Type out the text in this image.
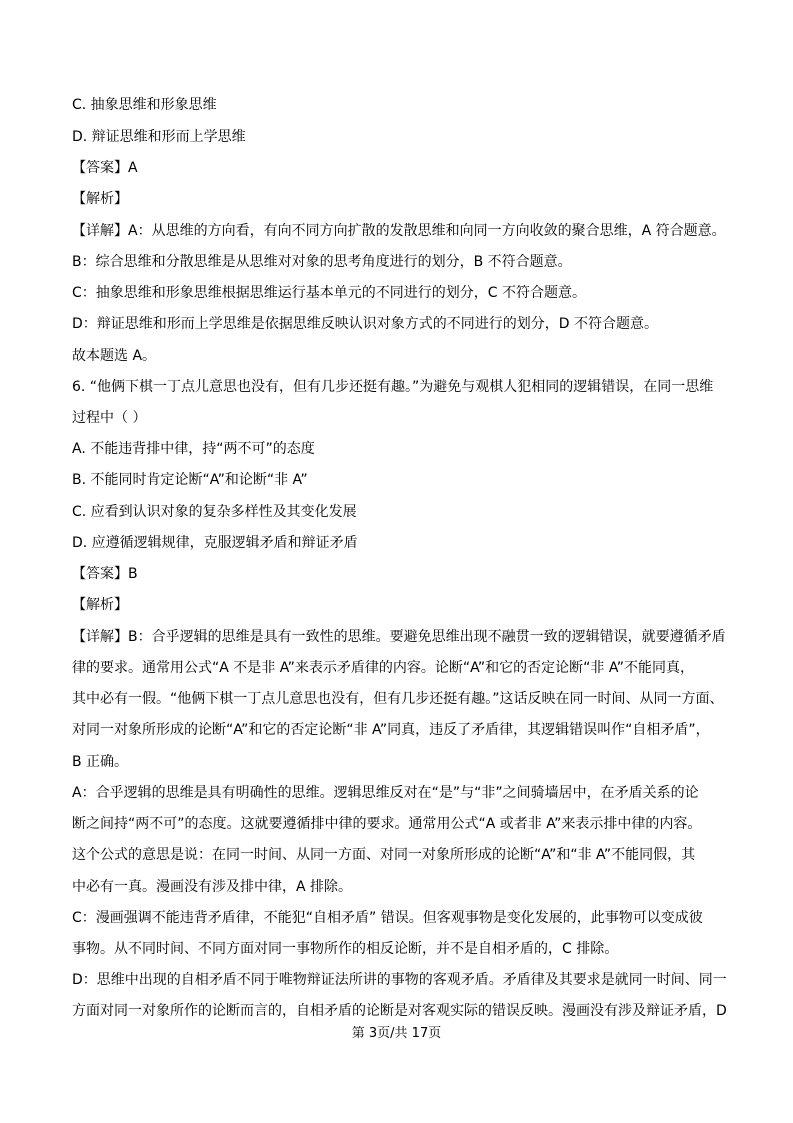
C. 抽象思维和形象思维
D. 辩证思维和形而上学思维
【答案】A
【解析】
【详解】A：从思维的方向看，有向不同方向扩散的发散思维和向同一方向收敛的聚合思维，A 符合题意。
B：综合思维和分散思维是从思维对对象的思考角度进行的划分，B 不符合题意。
C：抽象思维和形象思维根据思维运行基本单元的不同进行的划分，C 不符合题意。
D：辩证思维和形而上学思维是依据思维反映认识对象方式的不同进行的划分，D 不符合题意。
故本题选 A。
6. “他俩下棋一丁点儿意思也没有，但有几步还挺有趣。”为避免与观棋人犯相同的逻辑错误，在同一思维
过程中（ ）
A. 不能违背排中律，持“两不可”的态度
B. 不能同时肯定论断“A”和论断“非 A”
C. 应看到认识对象的复杂多样性及其变化发展
D. 应遵循逻辑规律，克服逻辑矛盾和辩证矛盾
【答案】B
【解析】
【详解】B：合乎逻辑的思维是具有一致性的思维。要避免思维出现不融贯一致的逻辑错误，就要遵循矛盾
律的要求。通常用公式“A 不是非 A”来表示矛盾律的内容。论断“A”和它的否定论断“非 A”不能同真，
其中必有一假。“他俩下棋一丁点儿意思也没有，但有几步还挺有趣。”这话反映在同一时间、从同一方面、
对同一对象所形成的论断“A”和它的否定论断“非 A”同真，违反了矛盾律，其逻辑错误叫作“自相矛盾”，
B 正确。
A：合乎逻辑的思维是具有明确性的思维。逻辑思维反对在“是”与“非”之间骑墙居中，在矛盾关系的论
断之间持“两不可”的态度。这就要遵循排中律的要求。通常用公式“A 或者非 A”来表示排中律的内容。
这个公式的意思是说：在同一时间、从同一方面、对同一对象所形成的论断“A”和“非 A”不能同假，其
中必有一真。漫画没有涉及排中律，A 排除。
C：漫画强调不能违背矛盾律，不能犯“自相矛盾” 错误。但客观事物是变化发展的，此事物可以变成彼
事物。从不同时间、不同方面对同一事物所作的相反论断，并不是自相矛盾的，C 排除。
D：思维中出现的自相矛盾不同于唯物辩证法所讲的事物的客观矛盾。矛盾律及其要求是就同一时间、同一
方面对同一对象所作的论断而言的，自相矛盾的论断是对客观实际的错误反映。漫画没有涉及辩证矛盾，D
第 3页/共 17页
